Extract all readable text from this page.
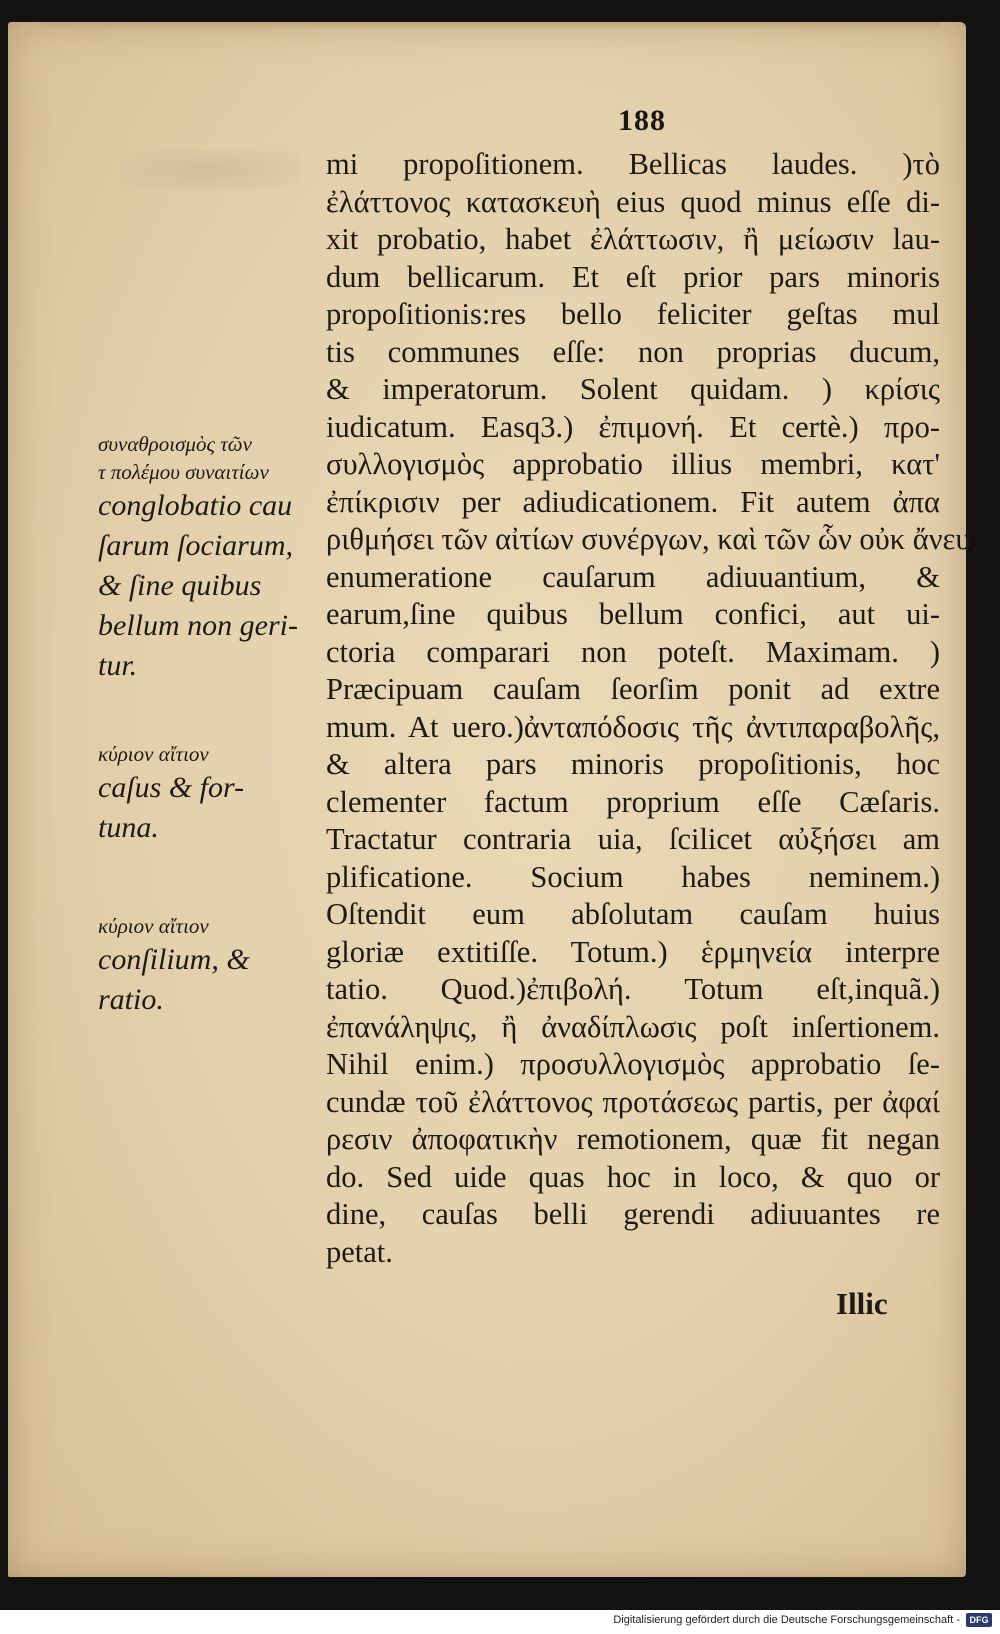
188
mi propoſitionem. Bellicas laudes. )τὸ
ἐλάττονος κατασκευὴ eius quod minus eſſe di-
xit probatio, habet ἐλάττωσιν, ἢ μείωσιν lau-
dum bellicarum. Et eſt prior pars minoris
propoſitionis:res bello feliciter geſtas mul
tis communes eſſe: non proprias ducum,
& imperatorum. Solent quidam. ) κρίσις
iudicatum. Easq3.) ἐπιμονή. Et certè.) προ-
συλλογισμὸς approbatio illius membri, κατ'
ἐπίκρισιν per adiudicationem. Fit autem ἀπα
ριθμήσει τῶν αἰτίων συνέργων, καὶ τῶν ὧν οὐκ ἄνευ,
enumeratione cauſarum adiuuantium, &
earum,ſine quibus bellum confici, aut ui-
ctoria comparari non poteſt. Maximam. )
Præcipuam cauſam ſeorſim ponit ad extre
mum. At uero.)ἀνταπόδοσις τῆς ἀντιπαραβολῆς,
& altera pars minoris propoſitionis, hoc
clementer factum proprium eſſe Cæſaris.
Tractatur contraria uia, ſcilicet αὐξήσει am
plificatione. Socium habes neminem.)
Oſtendit eum abſolutam cauſam huius
gloriæ extitiſſe. Totum.) ἑρμηνεία interpre
tatio. Quod.)ἐπιβολή. Totum eſt,inquã.)
ἐπανάληψις, ἢ ἀναδίπλωσις poſt inſertionem.
Nihil enim.) προσυλλογισμὸς approbatio ſe-
cundæ τοῦ ἐλάττονος προτάσεως partis, per ἀφαί
ρεσιν ἀποφατικὴν remotionem, quæ fit negan
do. Sed uide quas hoc in loco, & quo or
dine, cauſas belli gerendi adiuuantes re
petat.
συναθροισμὸς τῶν
τ πολέμου συναιτίων
conglobatio cau
ſarum ſociarum,
& ſine quibus
bellum non geri-
tur.
κύριον αἴτιον
caſus & for-
tuna.
κύριον αἴτιον
conſilium, &
ratio.
Illic
Digitalisierung gefördert durch die Deutsche Forschungsgemeinschaft -	DFG
